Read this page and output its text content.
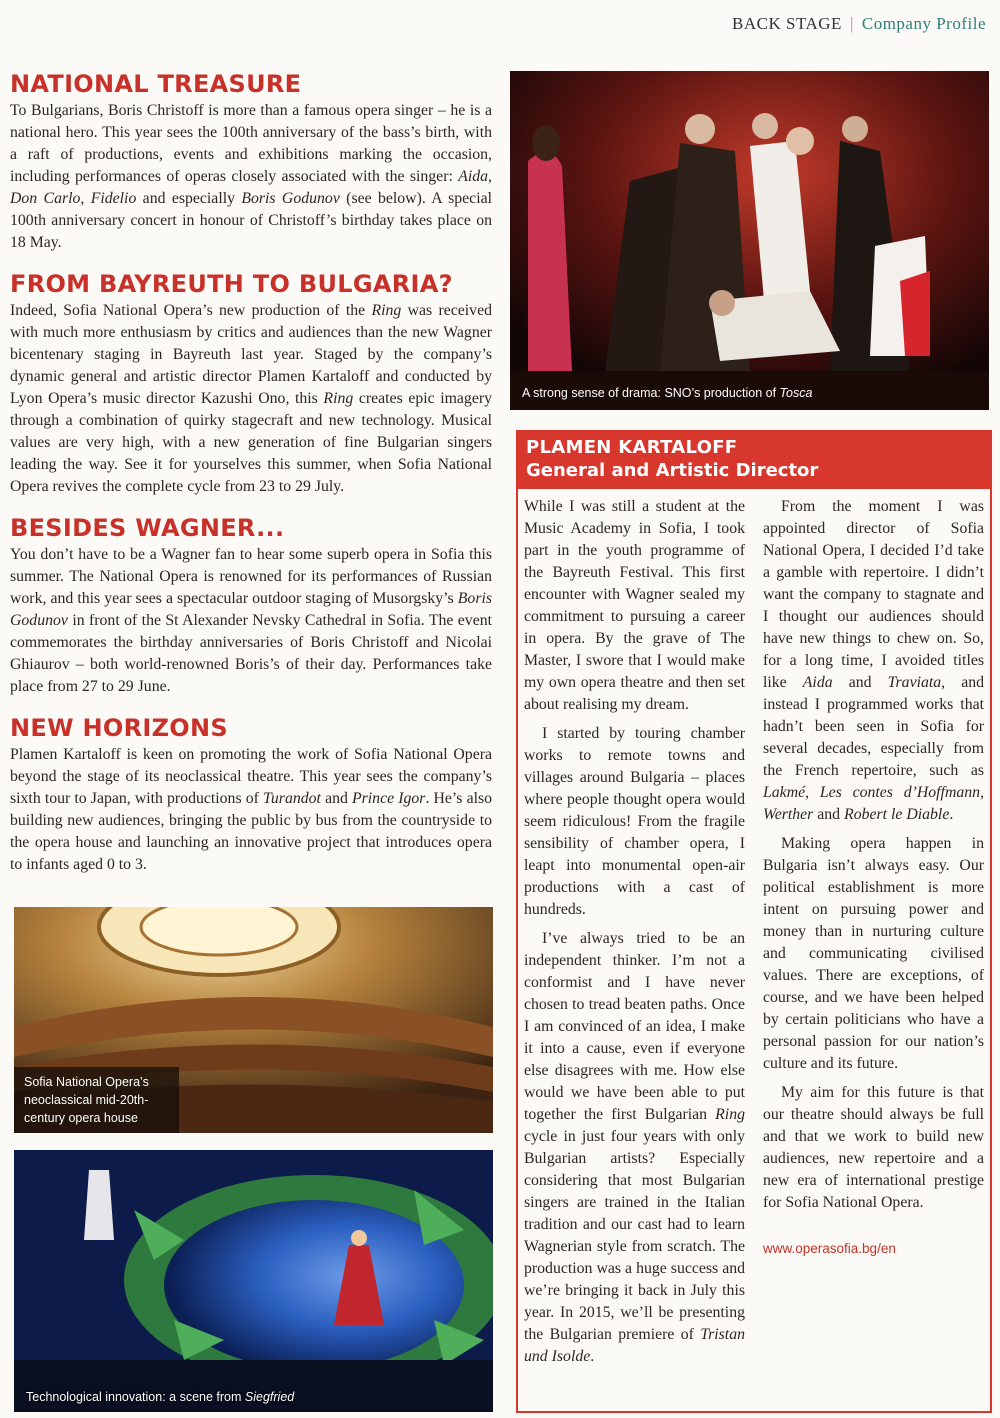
BACK STAGE | Company Profile
NATIONAL TREASURE

To Bulgarians, Boris Christoff is more than a famous opera singer – he is a national hero. This year sees the 100th anniversary of the bass’s birth, with a raft of productions, events and exhibitions marking the occasion, including performances of operas closely associated with the singer: Aida, Don Carlo, Fidelio and especially Boris Godunov (see below). A special 100th anniversary concert in honour of Christoff’s birthday takes place on 18 May.

FROM BAYREUTH TO BULGARIA?

Indeed, Sofia National Opera’s new production of the Ring was received with much more enthusiasm by critics and audiences than the new Wagner bicentenary staging in Bayreuth last year. Staged by the company’s dynamic general and artistic director Plamen Kartaloff and conducted by Lyon Opera’s music director Kazushi Ono, this Ring creates epic imagery through a combination of quirky stagecraft and new technology. Musical values are very high, with a new generation of fine Bulgarian singers leading the way. See it for yourselves this summer, when Sofia National Opera revives the complete cycle from 23 to 29 July.

BESIDES WAGNER...

You don’t have to be a Wagner fan to hear some superb opera in Sofia this summer. The National Opera is renowned for its performances of Russian work, and this year sees a spectacular outdoor staging of Musorgsky’s Boris Godunov in front of the St Alexander Nevsky Cathedral in Sofia. The event commemorates the birthday anniversaries of Boris Christoff and Nicolai Ghiaurov – both world-renowned Boris’s of their day. Performances take place from 27 to 29 June.

NEW HORIZONS

Plamen Kartaloff is keen on promoting the work of Sofia National Opera beyond the stage of its neoclassical theatre. This year sees the company’s sixth tour to Japan, with productions of Turandot and Prince Igor. He’s also building new audiences, bringing the public by bus from the countryside to the opera house and launching an innovative project that introduces opera to infants aged 0 to 3.

A strong sense of drama: SNO’s production of Tosca
Sofia National Opera’s neoclassical mid-20th-century opera house
Technological innovation: a scene from Siegfried
PLAMEN KARTALOFF
General and Artistic Director

While I was still a student at the Music Academy in Sofia, I took part in the youth programme of the Bayreuth Festival. This first encounter with Wagner sealed my commitment to pursuing a career in opera. By the grave of The Master, I swore that I would make my own opera theatre and then set about realising my dream.

I started by touring chamber works to remote towns and villages around Bulgaria – places where people thought opera would seem ridiculous! From the fragile sensibility of chamber opera, I leapt into monumental open-air productions with a cast of hundreds.

I’ve always tried to be an independent thinker. I’m not a conformist and I have never chosen to tread beaten paths. Once I am convinced of an idea, I make it into a cause, even if everyone else disagrees with me. How else would we have been able to put together the first Bulgarian Ring cycle in just four years with only Bulgarian artists? Especially considering that most Bulgarian singers are trained in the Italian tradition and our cast had to learn Wagnerian style from scratch. The production was a huge success and we’re bringing it back in July this year. In 2015, we’ll be presenting the Bulgarian premiere of Tristan und Isolde.

From the moment I was appointed director of Sofia National Opera, I decided I’d take a gamble with repertoire. I didn’t want the company to stagnate and I thought our audiences should have new things to chew on. So, for a long time, I avoided titles like Aida and Traviata, and instead I programmed works that hadn’t been seen in Sofia for several decades, especially from the French repertoire, such as Lakmé, Les contes d’Hoffmann, Werther and Robert le Diable.

Making opera happen in Bulgaria isn’t always easy. Our political establishment is more intent on pursuing power and money than in nurturing culture and communicating civilised values. There are exceptions, of course, and we have been helped by certain politicians who have a personal passion for our nation’s culture and its future.

My aim for this future is that our theatre should always be full and that we work to build new audiences, new repertoire and a new era of international prestige for Sofia National Opera.

www.operasofia.bg/en
